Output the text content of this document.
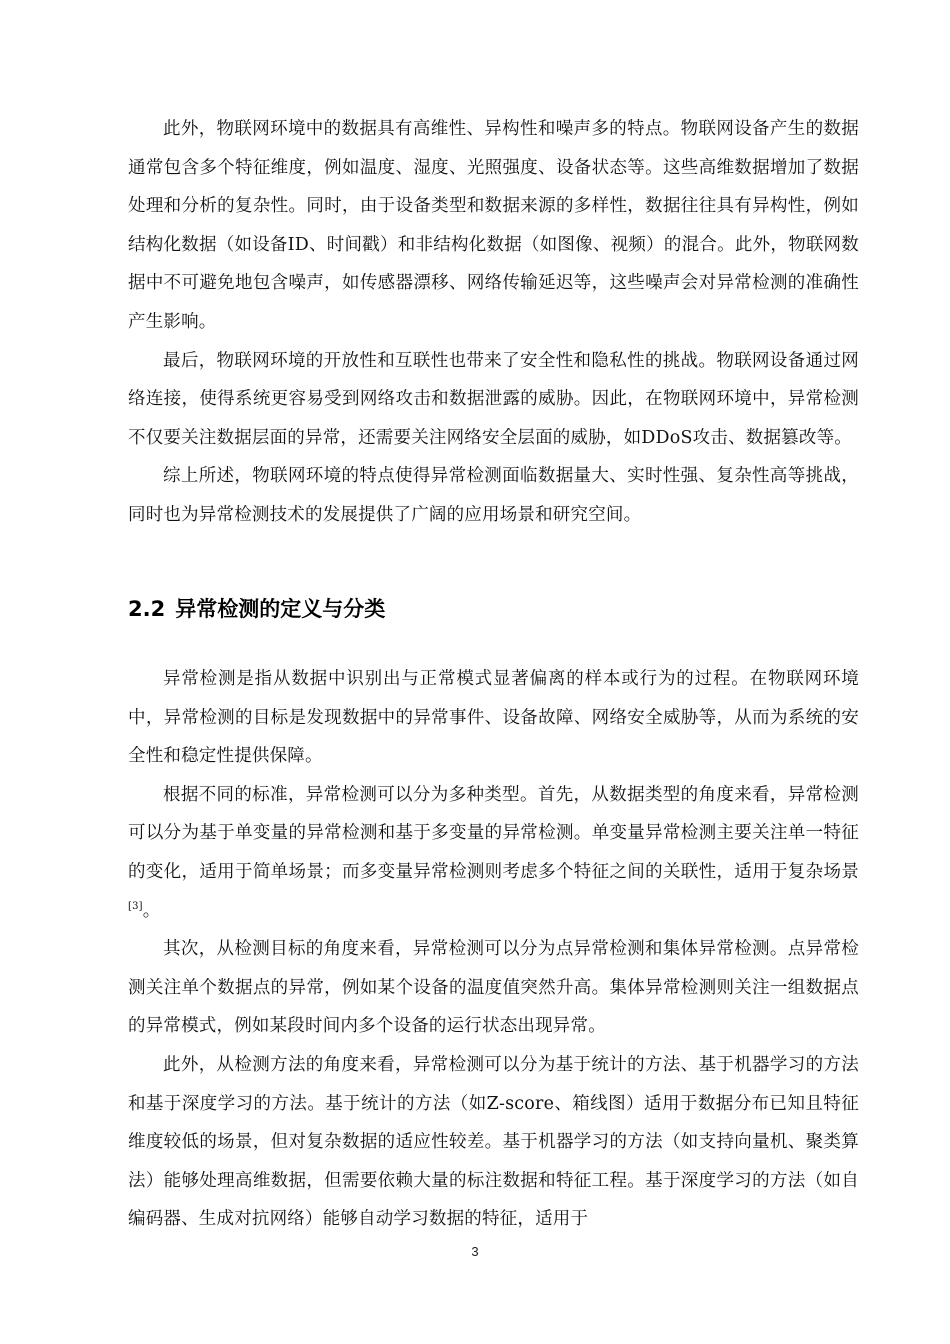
此外，物联网环境中的数据具有高维性、异构性和噪声多的特点。物联网设备产生的数据通常包含多个特征维度，例如温度、湿度、光照强度、设备状态等。这些高维数据增加了数据处理和分析的复杂性。同时，由于设备类型和数据来源的多样性，数据往往具有异构性，例如结构化数据（如设备ID、时间戳）和非结构化数据（如图像、视频）的混合。此外，物联网数据中不可避免地包含噪声，如传感器漂移、网络传输延迟等，这些噪声会对异常检测的准确性产生影响。

最后，物联网环境的开放性和互联性也带来了安全性和隐私性的挑战。物联网设备通过网络连接，使得系统更容易受到网络攻击和数据泄露的威胁。因此，在物联网环境中，异常检测不仅要关注数据层面的异常，还需要关注网络安全层面的威胁，如DDoS攻击、数据篡改等。

综上所述，物联网环境的特点使得异常检测面临数据量大、实时性强、复杂性高等挑战，同时也为异常检测技术的发展提供了广阔的应用场景和研究空间。

2.2 异常检测的定义与分类

异常检测是指从数据中识别出与正常模式显著偏离的样本或行为的过程。在物联网环境中，异常检测的目标是发现数据中的异常事件、设备故障、网络安全威胁等，从而为系统的安全性和稳定性提供保障。

根据不同的标准，异常检测可以分为多种类型。首先，从数据类型的角度来看，异常检测可以分为基于单变量的异常检测和基于多变量的异常检测。单变量异常检测主要关注单一特征的变化，适用于简单场景；而多变量异常检测则考虑多个特征之间的关联性，适用于复杂场景[3]。

其次，从检测目标的角度来看，异常检测可以分为点异常检测和集体异常检测。点异常检测关注单个数据点的异常，例如某个设备的温度值突然升高。集体异常检测则关注一组数据点的异常模式，例如某段时间内多个设备的运行状态出现异常。

此外，从检测方法的角度来看，异常检测可以分为基于统计的方法、基于机器学习的方法和基于深度学习的方法。基于统计的方法（如Z-score、箱线图）适用于数据分布已知且特征维度较低的场景，但对复杂数据的适应性较差。基于机器学习的方法（如支持向量机、聚类算法）能够处理高维数据，但需要依赖大量的标注数据和特征工程。基于深度学习的方法（如自编码器、生成对抗网络）能够自动学习数据的特征，适用于

3
